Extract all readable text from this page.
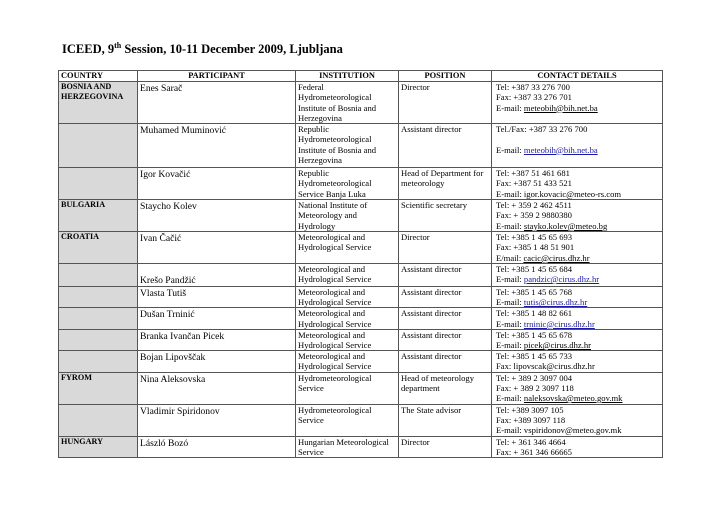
ICEED, 9th Session, 10-11 December 2009, Ljubljana
COUNTRY	PARTICIPANT	INSTITUTION	POSITION	CONTACT DETAILS
BOSNIA AND HERZEGOVINA	Enes Sarač	Federal Hydrometeorological Institute of Bosnia and Herzegovina	Director	Tel: +387 33 276 700
Fax: +387 33 276 701
E-mail: meteobih@bih.net.ba

	Muhamed Muminović	Republic Hydrometeorological Institute of Bosnia and Herzegovina	Assistant director	Tel./Fax: +387 33 276 700
E-mail: meteobih@bih.net.ba

	Igor Kovačić	Republic Hydrometeorological Service Banja Luka	Head of Department for meteorology	Tel: +387 51 461 681
Fax: +387 51 433 521
E-mail: igor.kovacic@meteo-rs.com

BULGARIA	Staycho Kolev	National Institute of Meteorology and Hydrology	Scientific secretary	Tel: + 359 2 462 4511
Fax: + 359 2 9880380
E-mail: stayko.kolev@meteo.bg

CROATIA	Ivan Čačić	Meteorological and Hydrological Service	Director	Tel: +385 1 45 65 693
Fax: +385 1 48 51 901
E/mail: cacic@cirus.dhz.hr

	Krešo Pandžić	Meteorological and Hydrological Service	Assistant director	Tel: +385 1 45 65 684
E-mail: pandzic@cirus.dhz.hr

	Vlasta Tutiš	Meteorological and Hydrological Service	Assistant director	Tel: +385 1 45 65 768
E-mail: tutis@cirus.dhz.hr

	Dušan Trninić	Meteorological and Hydrological Service	Assistant director	Tel: +385 1 48 82 661
E-mail: trninic@cirus.dhz.hr

	Branka Ivančan Picek	Meteorological and Hydrological Service	Assistant director	Tel: +385 1 45 65 678
E-mail: picek@cirus.dhz.hr

	Bojan Lipovščak	Meteorological and Hydrological Service	Assistant director	Tel: +385 1 45 65 733
Fax: lipovscak@cirus.dhz.hr

FYROM	Nina Aleksovska	Hydrometeorological Service	Head of meteorology department	Tel: + 389 2 3097 004
Fax: + 389 2 3097 118
E-mail: naleksovska@meteo.gov.mk

	Vladimir Spiridonov	Hydrometeorological Service	The State advisor	Tel: +389 3097 105
Fax: +389 3097 118
E-mail: vspiridonov@meteo.gov.mk

HUNGARY	László Bozó	Hungarian Meteorological Service	Director	Tel: + 361 346 4664
Fax: + 361 346 66665
